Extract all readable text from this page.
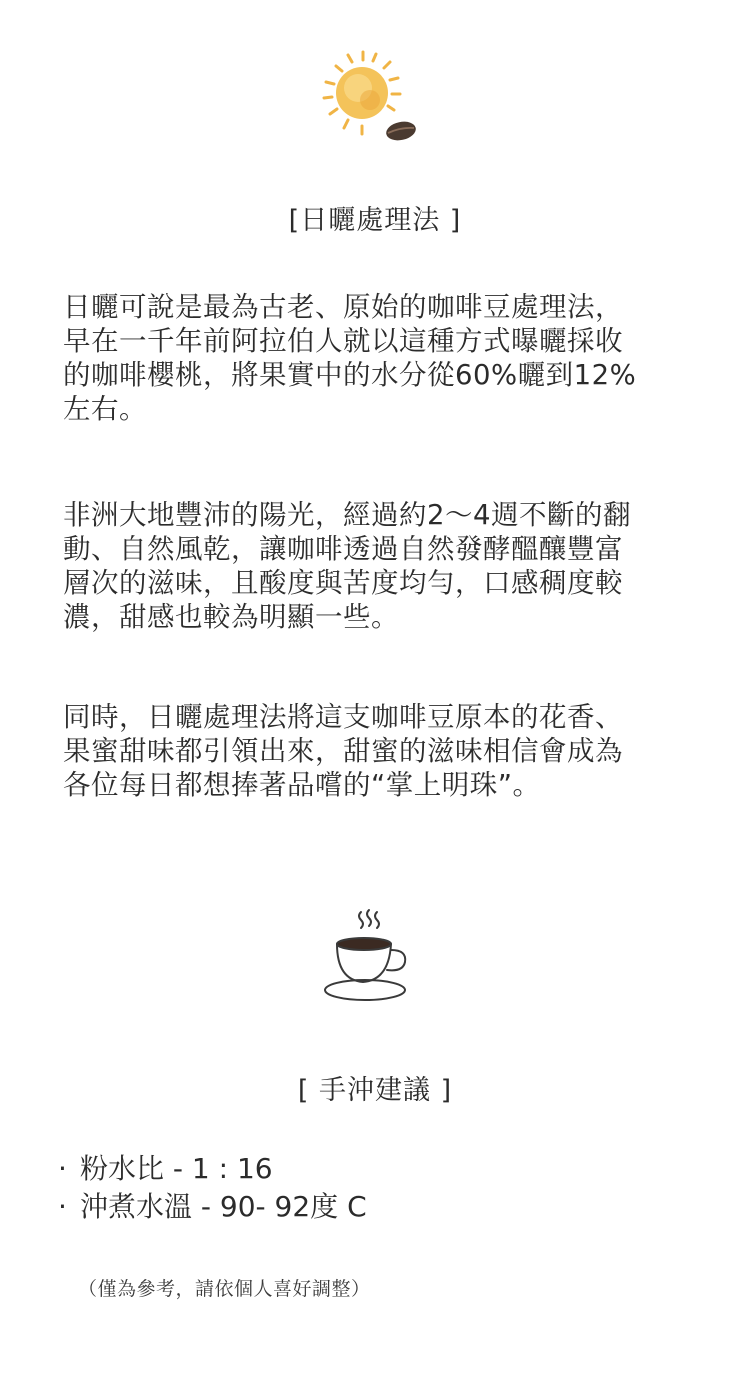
[日曬處理法 ]

日曬可說是最為古老、原始的咖啡豆處理法，
早在一千年前阿拉伯人就以這種方式曝曬採收
的咖啡櫻桃，將果實中的水分從60%曬到12%
左右。

非洲大地豐沛的陽光，經過約2～4週不斷的翻
動、自然風乾，讓咖啡透過自然發酵醞釀豐富
層次的滋味，且酸度與苦度均勻，口感稠度較
濃，甜感也較為明顯一些。

同時，日曬處理法將這支咖啡豆原本的花香、
果蜜甜味都引領出來，甜蜜的滋味相信會成為
各位每日都想捧著品嚐的“掌上明珠”。

[ 手沖建議 ]
· 粉水比 - 1 : 16
· 沖煮水溫 - 90- 92度 C
（僅為參考，請依個人喜好調整）
